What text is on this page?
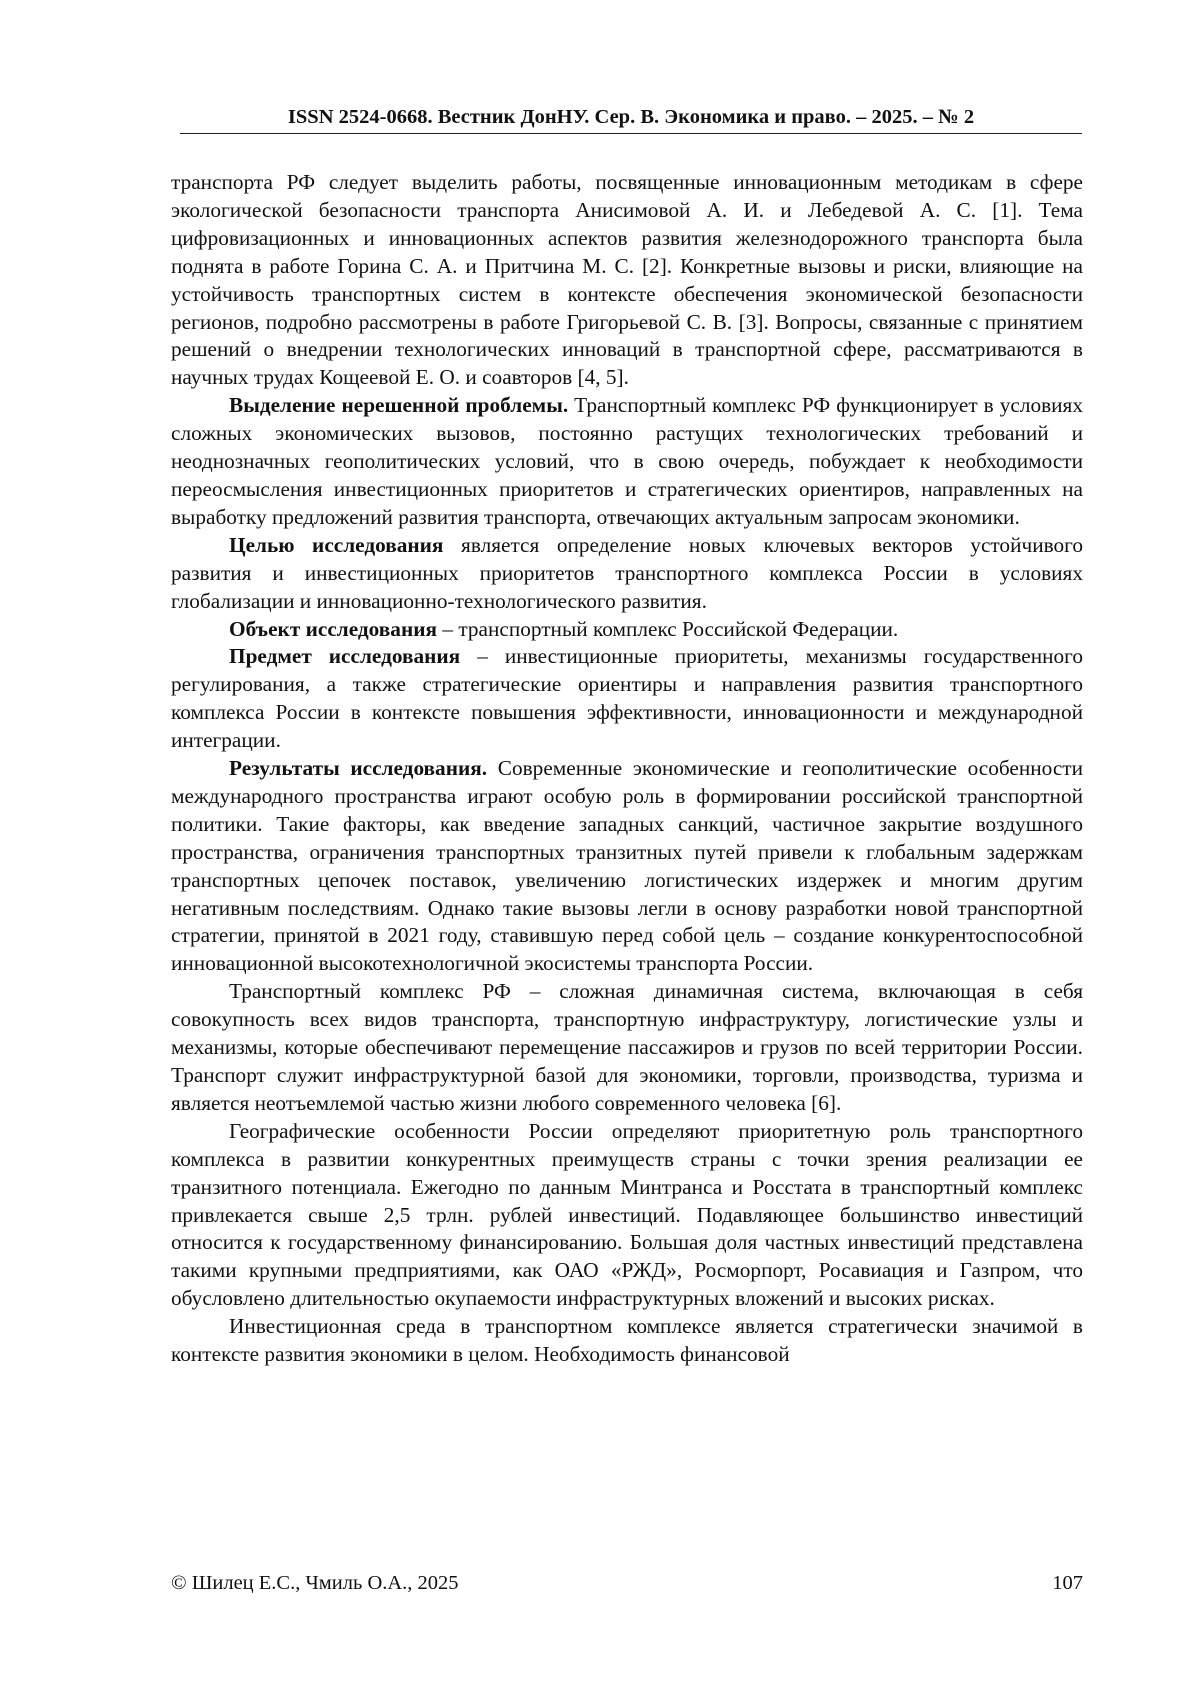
ISSN 2524-0668. Вестник ДонНУ. Сер. В. Экономика и право. – 2025. – № 2

транспорта РФ следует выделить работы, посвященные инновационным методикам в сфере экологической безопасности транспорта Анисимовой А. И. и Лебедевой А. С. [1]. Тема цифровизационных и инновационных аспектов развития железнодорожного транспорта была поднята в работе Горина С. А. и Притчина М. С. [2]. Конкретные вызовы и риски, влияющие на устойчивость транспортных систем в контексте обеспечения экономической безопасности регионов, подробно рассмотрены в работе Григорьевой С. В. [3]. Вопросы, связанные с принятием решений о внедрении технологических инноваций в транспортной сфере, рассматриваются в научных трудах Кощеевой Е. О. и соавторов [4, 5].

Выделение нерешенной проблемы. Транспортный комплекс РФ функционирует в условиях сложных экономических вызовов, постоянно растущих технологических требований и неоднозначных геополитических условий, что в свою очередь, побуждает к необходимости переосмысления инвестиционных приоритетов и стратегических ориентиров, направленных на выработку предложений развития транспорта, отвечающих актуальным запросам экономики.

Целью исследования является определение новых ключевых векторов устойчивого развития и инвестиционных приоритетов транспортного комплекса России в условиях глобализации и инновационно-технологического развития.

Объект исследования – транспортный комплекс Российской Федерации.

Предмет исследования – инвестиционные приоритеты, механизмы государственного регулирования, а также стратегические ориентиры и направления развития транспортного комплекса России в контексте повышения эффективности, инновационности и международной интеграции.

Результаты исследования. Современные экономические и геополитические особенности международного пространства играют особую роль в формировании российской транспортной политики. Такие факторы, как введение западных санкций, частичное закрытие воздушного пространства, ограничения транспортных транзитных путей привели к глобальным задержкам транспортных цепочек поставок, увеличению логистических издержек и многим другим негативным последствиям. Однако такие вызовы легли в основу разработки новой транспортной стратегии, принятой в 2021 году, ставившую перед собой цель – создание конкурентоспособной инновационной высокотехнологичной экосистемы транспорта России.

Транспортный комплекс РФ – сложная динамичная система, включающая в себя совокупность всех видов транспорта, транспортную инфраструктуру, логистические узлы и механизмы, которые обеспечивают перемещение пассажиров и грузов по всей территории России. Транспорт служит инфраструктурной базой для экономики, торговли, производства, туризма и является неотъемлемой частью жизни любого современного человека [6].

Географические особенности России определяют приоритетную роль транспортного комплекса в развитии конкурентных преимуществ страны с точки зрения реализации ее транзитного потенциала. Ежегодно по данным Минтранса и Росстата в транспортный комплекс привлекается свыше 2,5 трлн. рублей инвестиций. Подавляющее большинство инвестиций относится к государственному финансированию. Большая доля частных инвестиций представлена такими крупными предприятиями, как ОАО «РЖД», Росморпорт, Росавиация и Газпром, что обусловлено длительностью окупаемости инфраструктурных вложений и высоких рисках.

Инвестиционная среда в транспортном комплексе является стратегически значимой в контексте развития экономики в целом. Необходимость финансовой

© Шилец Е.С., Чмиль О.А., 2025	107
